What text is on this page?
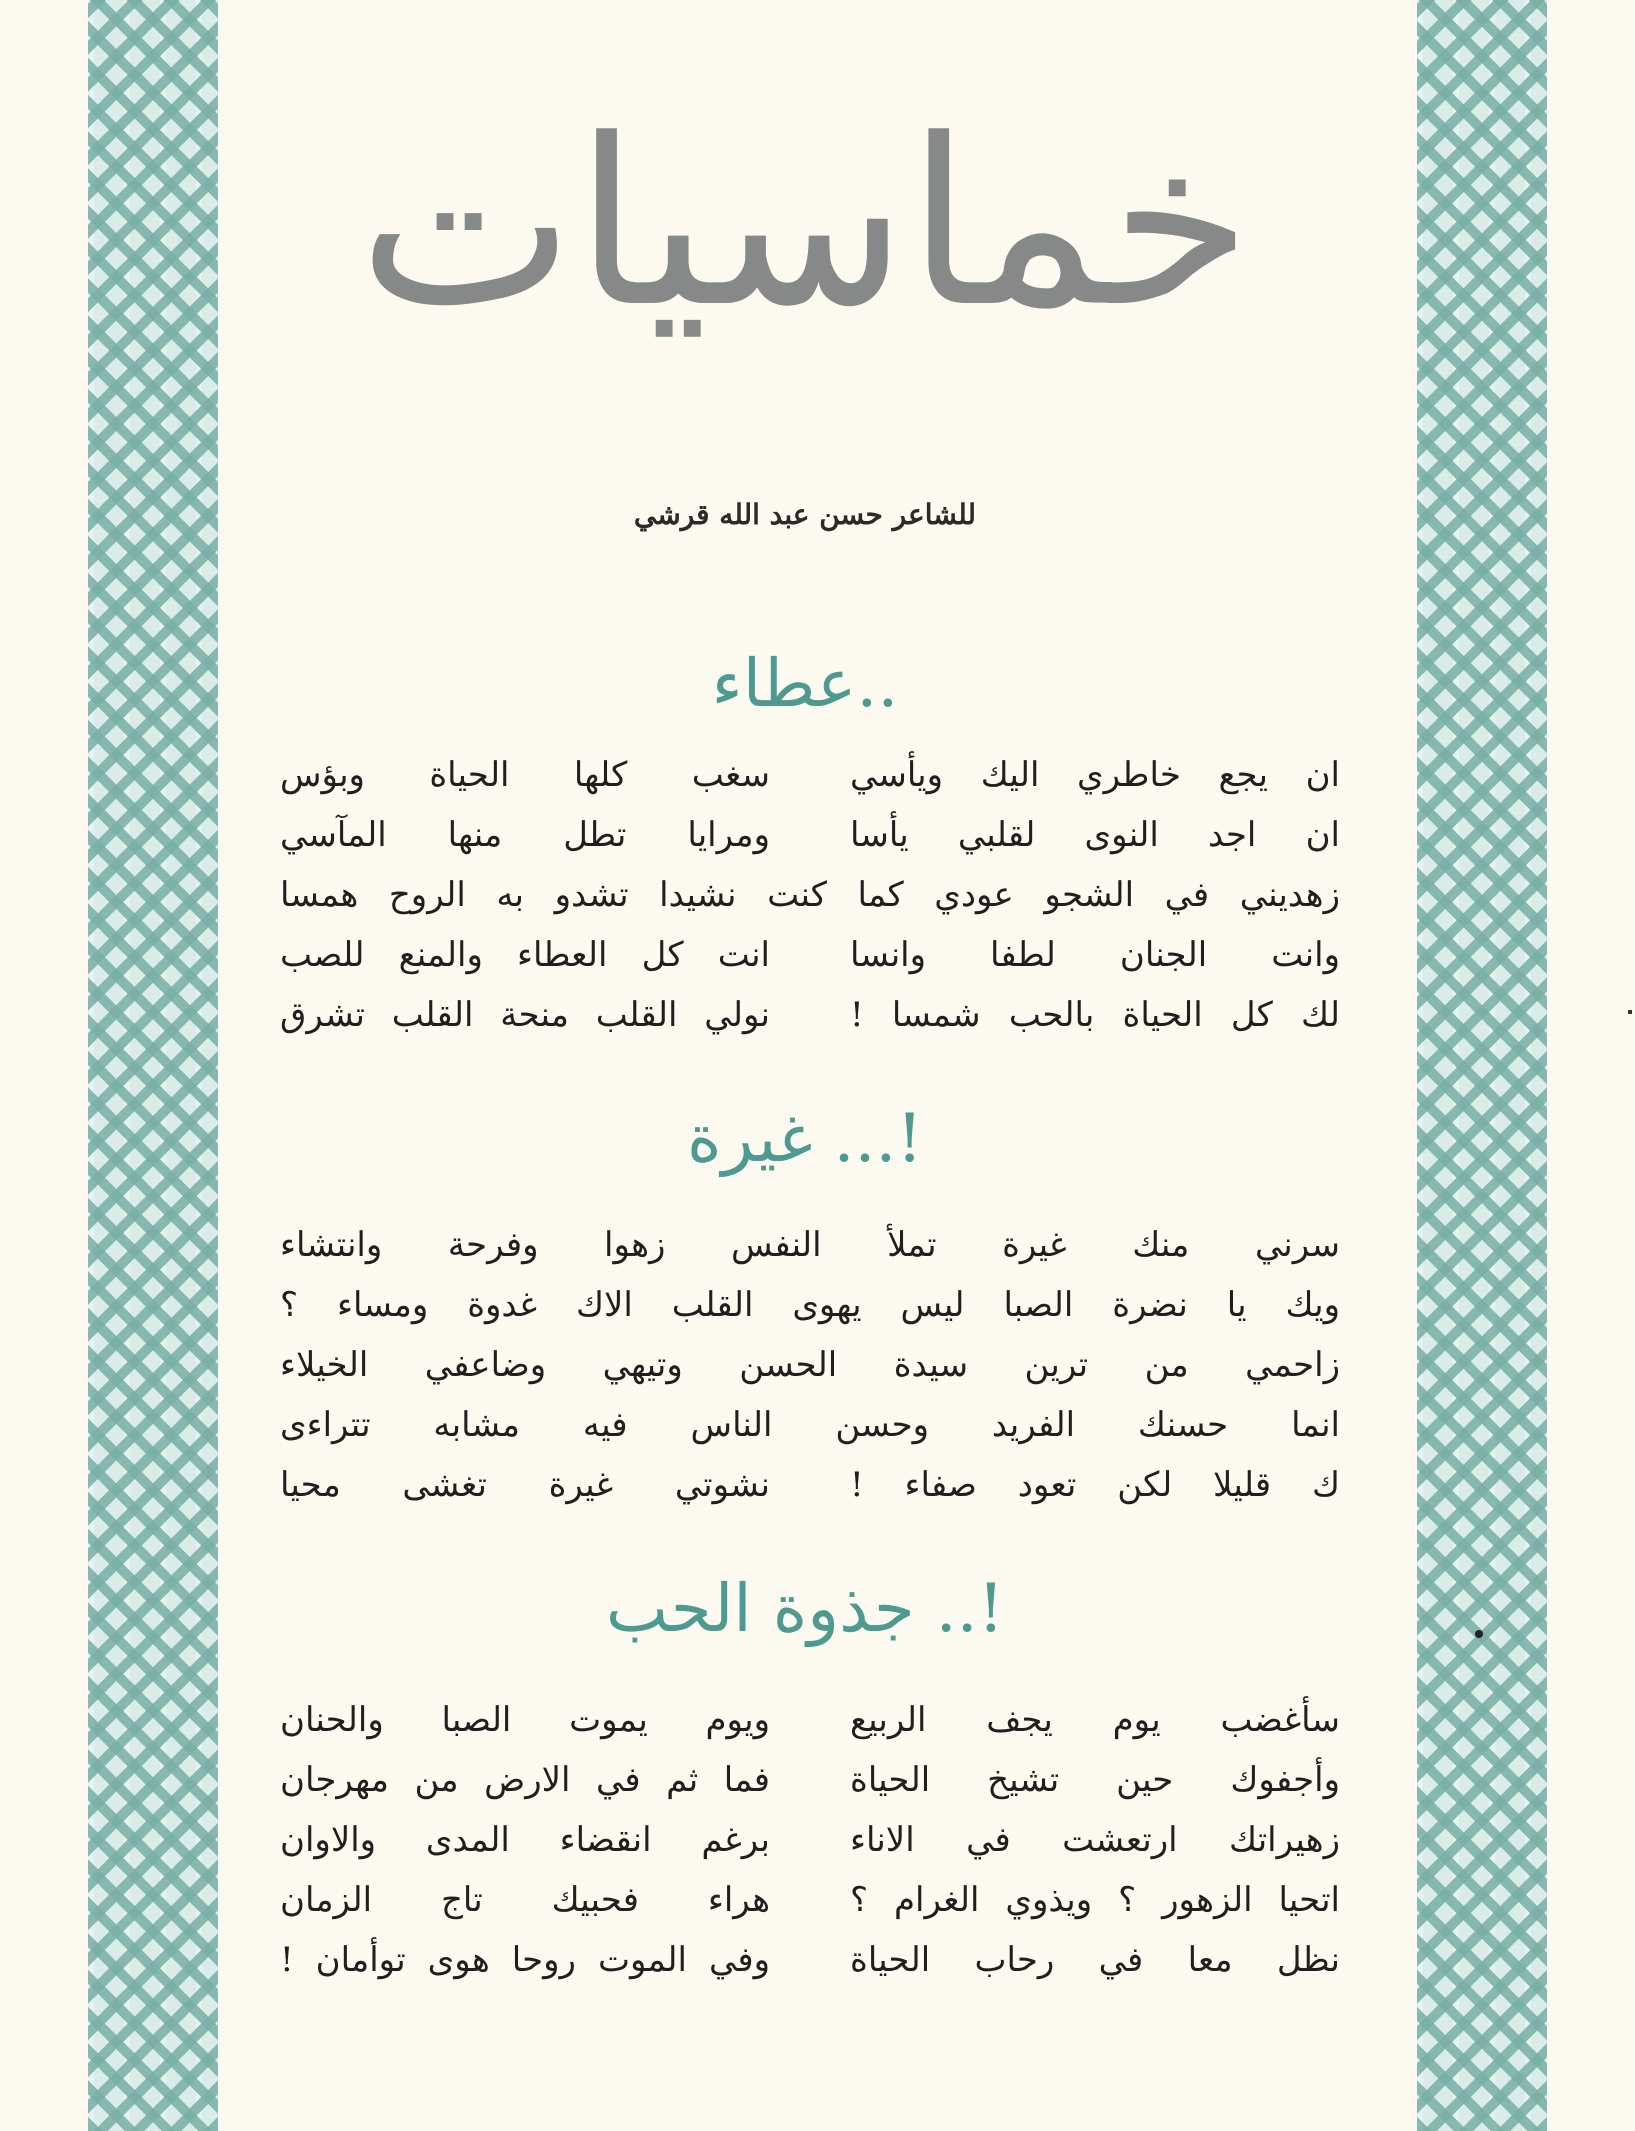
خماسيات
للشاعر حسن عبد الله قرشي
عطاء..
ان يجع خاطري اليك ويأسي
سغب كلها الحياة وبؤس
ان اجد النوى لقلبي يأسا
ومرايا تطل منها المآسي
زهديني في الشجو عودي كما كنت نشيدا تشدو به الروح همسا
وانت الجنان لطفا وانسا
انت كل العطاء والمنع للصب
لك كل الحياة بالحب شمسا !
نولي القلب منحة القلب تشرق
غيرة ...!
سرني منك غيرة تملأ النفس زهوا وفرحة وانتشاء
ويك يا نضرة الصبا ليس يهوى القلب الاك غدوة ومساء ؟
زاحمي من ترين سيدة الحسن وتيهي وضاعفي الخيلاء
انما حسنك الفريد وحسن الناس فيه مشابه تتراءى
ك قليلا لكن تعود صفاء !
نشوتي غيرة تغشى محيا
جذوة الحب ..!
سأغضب يوم يجف الربيع
ويوم يموت الصبا والحنان
وأجفوك حين تشيخ الحياة
فما ثم في الارض من مهرجان
زهيراتك ارتعشت في الاناء
برغم انقضاء المدى والاوان
اتحيا الزهور ؟ ويذوي الغرام ؟
هراء فحبيك تاج الزمان
نظل معا في رحاب الحياة
وفي الموت روحا هوى توأمان !
